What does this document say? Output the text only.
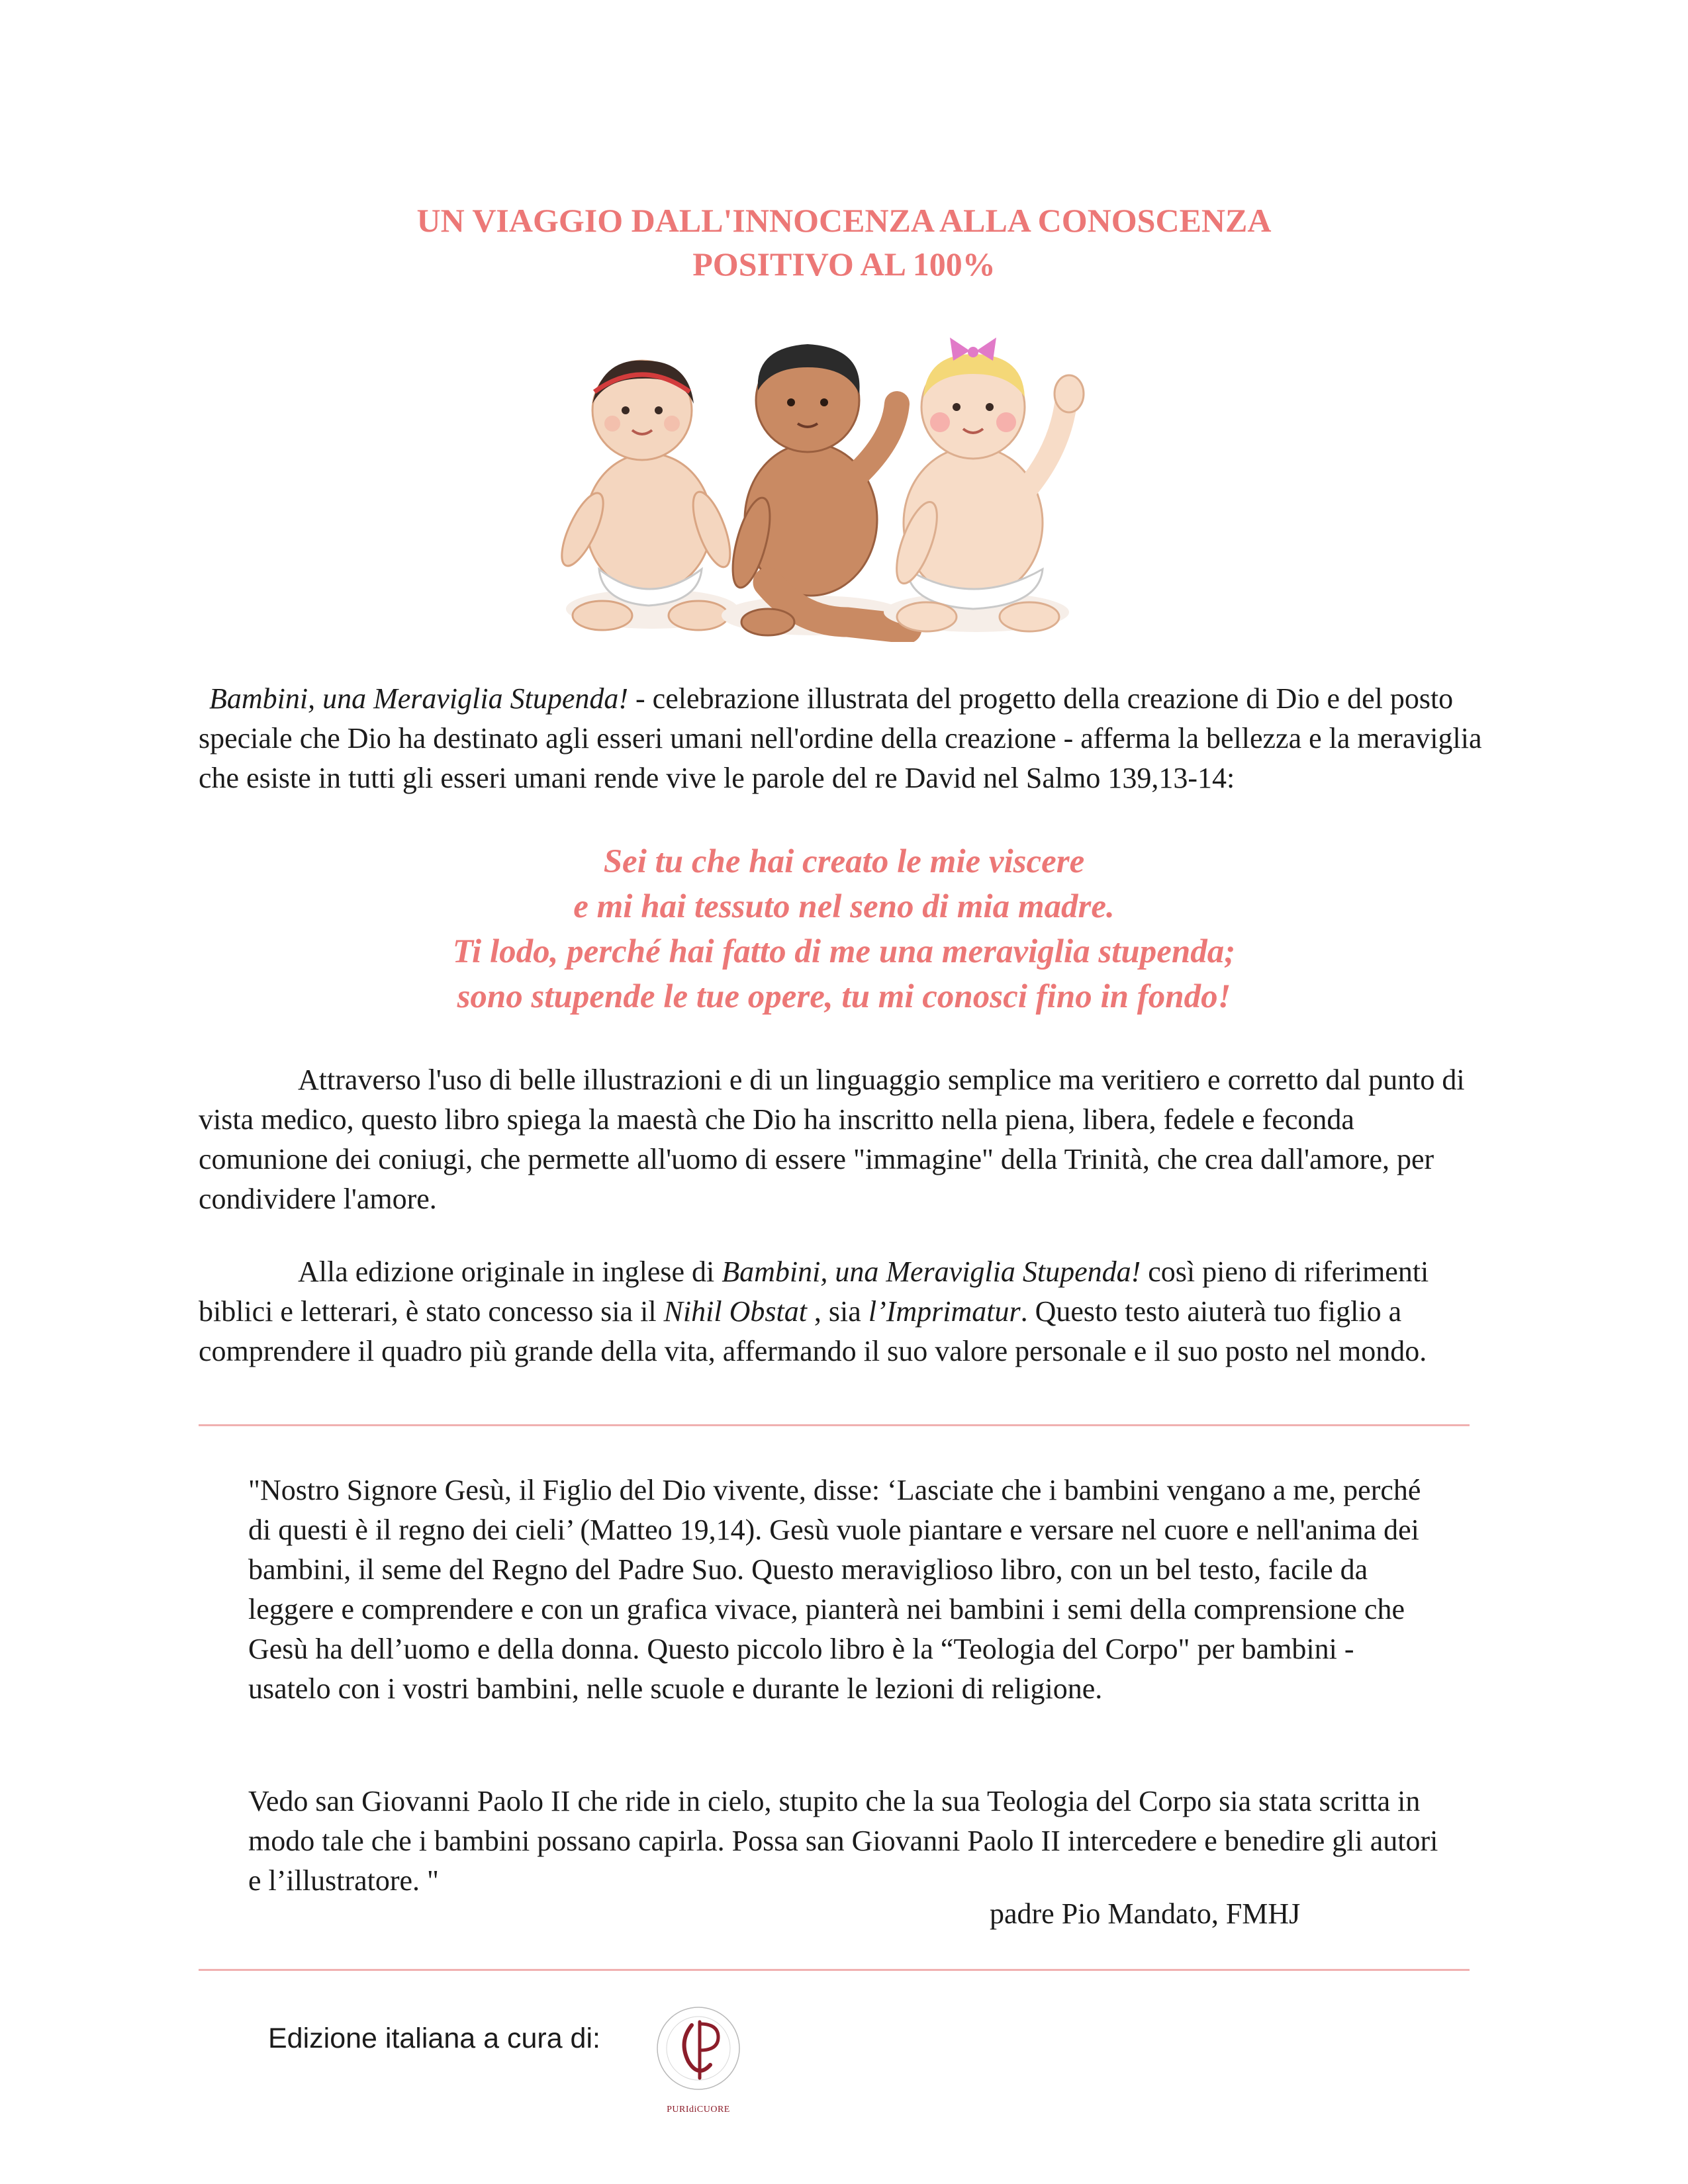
UN VIAGGIO DALL'INNOCENZA ALLA CONOSCENZA
POSITIVO AL 100%

Bambini, una Meraviglia Stupenda! - celebrazione illustrata del progetto della creazione di Dio e del posto speciale che Dio ha destinato agli esseri umani nell'ordine della creazione - afferma la bellezza e la meraviglia che esiste in tutti gli esseri umani rende vive le parole del re David nel Salmo 139,13-14:

Sei tu che hai creato le mie viscere

e mi hai tessuto nel seno di mia madre.

Ti lodo, perché hai fatto di me una meraviglia stupenda;

sono stupende le tue opere, tu mi conosci fino in fondo!

Attraverso l'uso di belle illustrazioni e di un linguaggio semplice ma veritiero e corretto dal punto di vista medico, questo libro spiega la maestà che Dio ha inscritto nella piena, libera, fedele e feconda comunione dei coniugi, che permette all'uomo di essere "immagine" della Trinità, che crea dall'amore, per condividere l'amore.

Alla edizione originale in inglese di Bambini, una Meraviglia Stupenda! così pieno di riferimenti biblici e letterari, è stato concesso sia il Nihil Obstat , sia l’Imprimatur. Questo testo aiuterà tuo figlio a comprendere il quadro più grande della vita, affermando il suo valore personale e il suo posto nel mondo.

"Nostro Signore Gesù, il Figlio del Dio vivente, disse: ‘Lasciate che i bambini vengano a me, perché di questi è il regno dei cieli’ (Matteo 19,14). Gesù vuole piantare e versare nel cuore e nell'anima dei bambini, il seme del Regno del Padre Suo. Questo meraviglioso libro, con un bel testo, facile da leggere e comprendere e con un grafica vivace, pianterà nei bambini i semi della comprensione che Gesù ha dell’uomo e della donna. Questo piccolo libro è la “Teologia del Corpo" per bambini - usatelo con i vostri bambini, nelle scuole e durante le lezioni di religione.

Vedo san Giovanni Paolo II che ride in cielo, stupito che la sua Teologia del Corpo sia stata scritta in modo tale che i bambini possano capirla. Possa san Giovanni Paolo II intercedere e benedire gli autori e l’illustratore. "

padre Pio Mandato, FMHJ

Edizione italiana a cura di:

PURIdiCUORE
